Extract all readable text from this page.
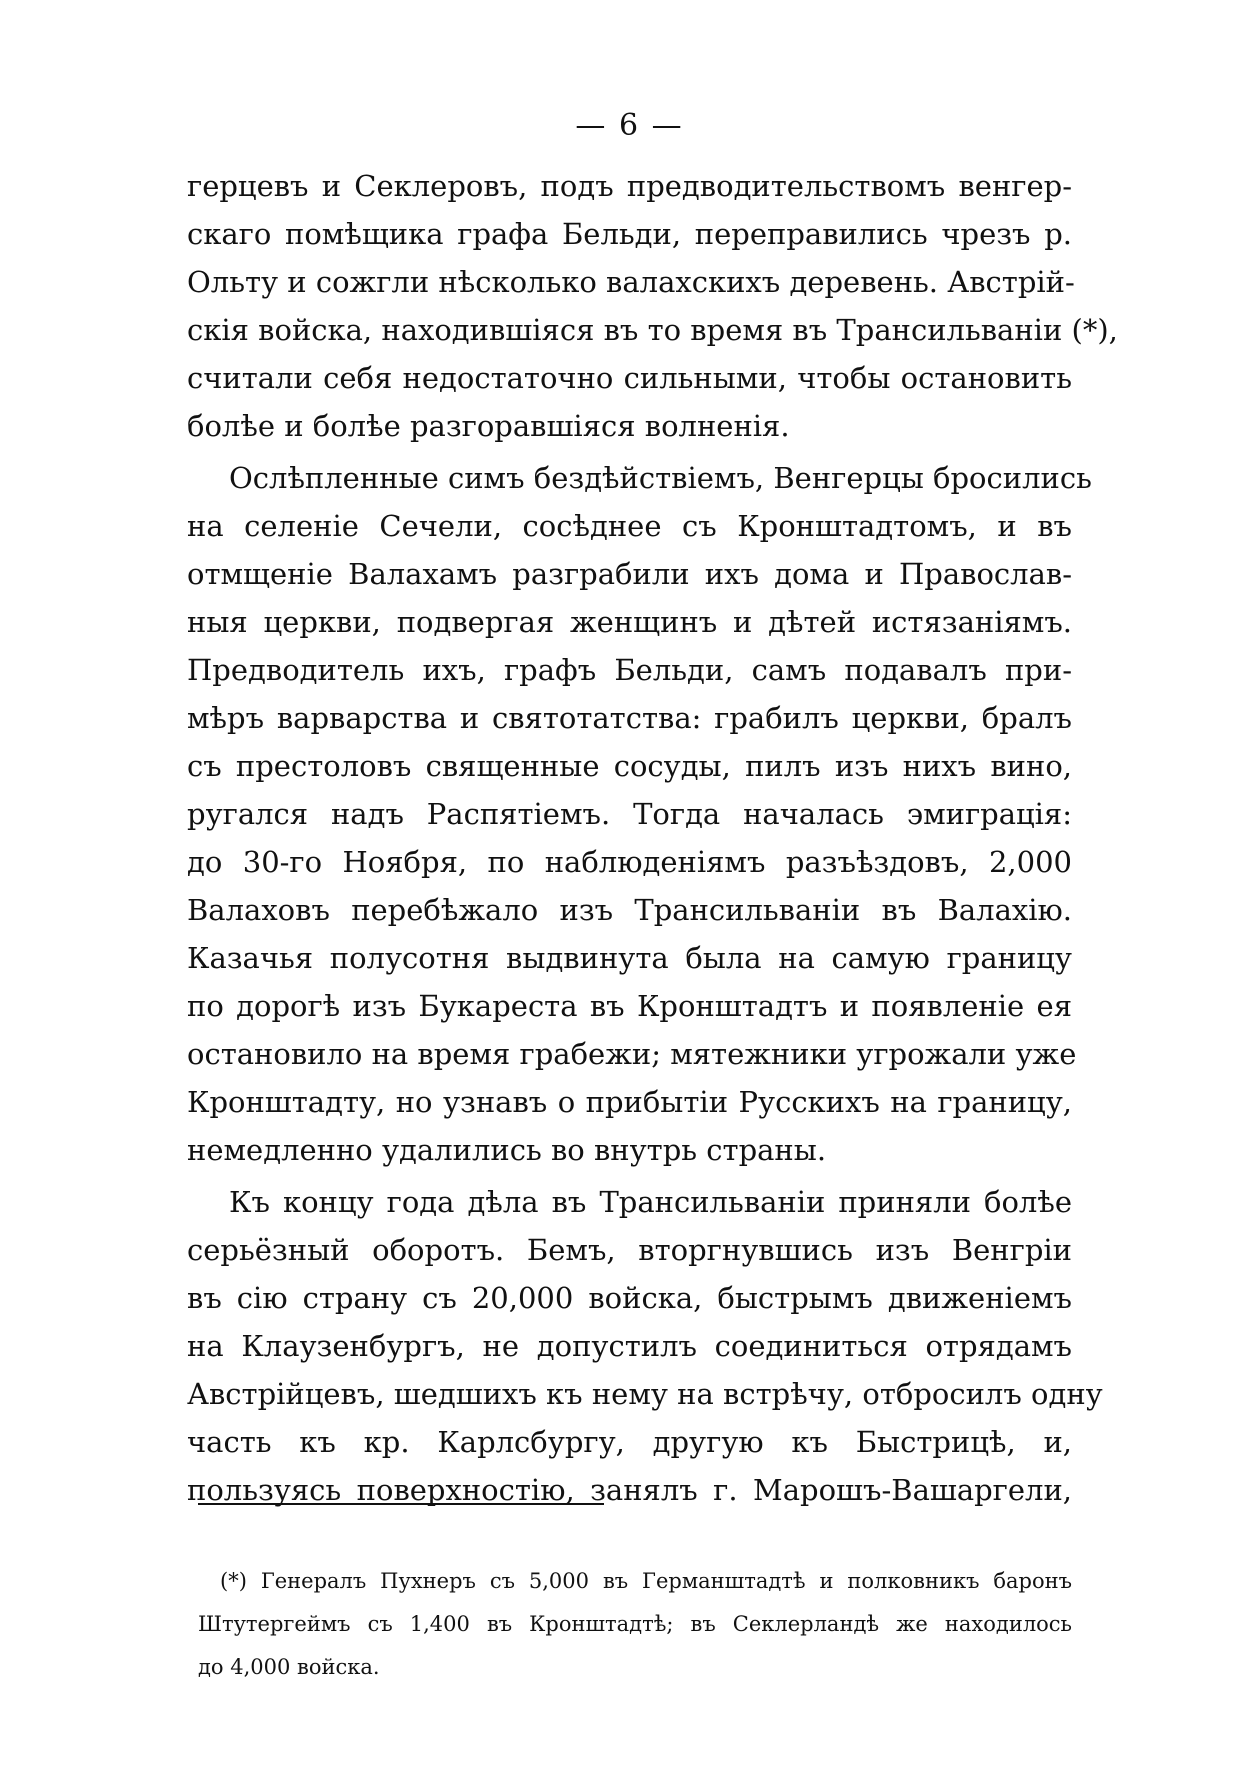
— 6 —
герцевъ и Секлеровъ, подъ предводительствомъ венгер-
скаго помѣщика графа Бельди, переправились чрезъ р.
Ольту и сожгли нѣсколько валахскихъ деревень. Австрій-
скія войска, находившіяся въ то время въ Трансильваніи (*),
считали себя недостаточно сильными, чтобы остановить
болѣе и болѣе разгоравшіяся волненія.
Ослѣпленные симъ бездѣйствіемъ, Венгерцы бросились
на селеніе Сечели, сосѣднее съ Кронштадтомъ, и въ
отмщеніе Валахамъ разграбили ихъ дома и Православ-
ныя церкви, подвергая женщинъ и дѣтей истязаніямъ.
Предводитель ихъ, графъ Бельди, самъ подавалъ при-
мѣръ варварства и святотатства: грабилъ церкви, бралъ
съ престоловъ священные сосуды, пилъ изъ нихъ вино,
ругался надъ Распятіемъ. Тогда началась эмиграція:
до 30-го Ноября, по наблюденіямъ разъѣздовъ, 2,000
Валаховъ перебѣжало изъ Трансильваніи въ Валахію.
Казачья полусотня выдвинута была на самую границу
по дорогѣ изъ Букареста въ Кронштадтъ и появленіе ея
остановило на время грабежи; мятежники угрожали уже
Кронштадту, но узнавъ о прибытіи Русскихъ на границу,
немедленно удалились во внутрь страны.
Къ концу года дѣла въ Трансильваніи приняли болѣе
серьёзный оборотъ. Бемъ, вторгнувшись изъ Венгріи
въ сію страну съ 20,000 войска, быстрымъ движеніемъ
на Клаузенбургъ, не допустилъ соединиться отрядамъ
Австрійцевъ, шедшихъ къ нему на встрѣчу, отбросилъ одну
часть къ кр. Карлсбургу, другую къ Быстрицѣ, и,
пользуясь поверхностію, занялъ г. Марошъ-Вашаргели,
(*) Генералъ Пухнеръ съ 5,000 въ Германштадтѣ и полковникъ баронъ
Штутергеймъ съ 1,400 въ Кронштадтѣ; въ Секлерландѣ же находилось
до 4,000 войска.
